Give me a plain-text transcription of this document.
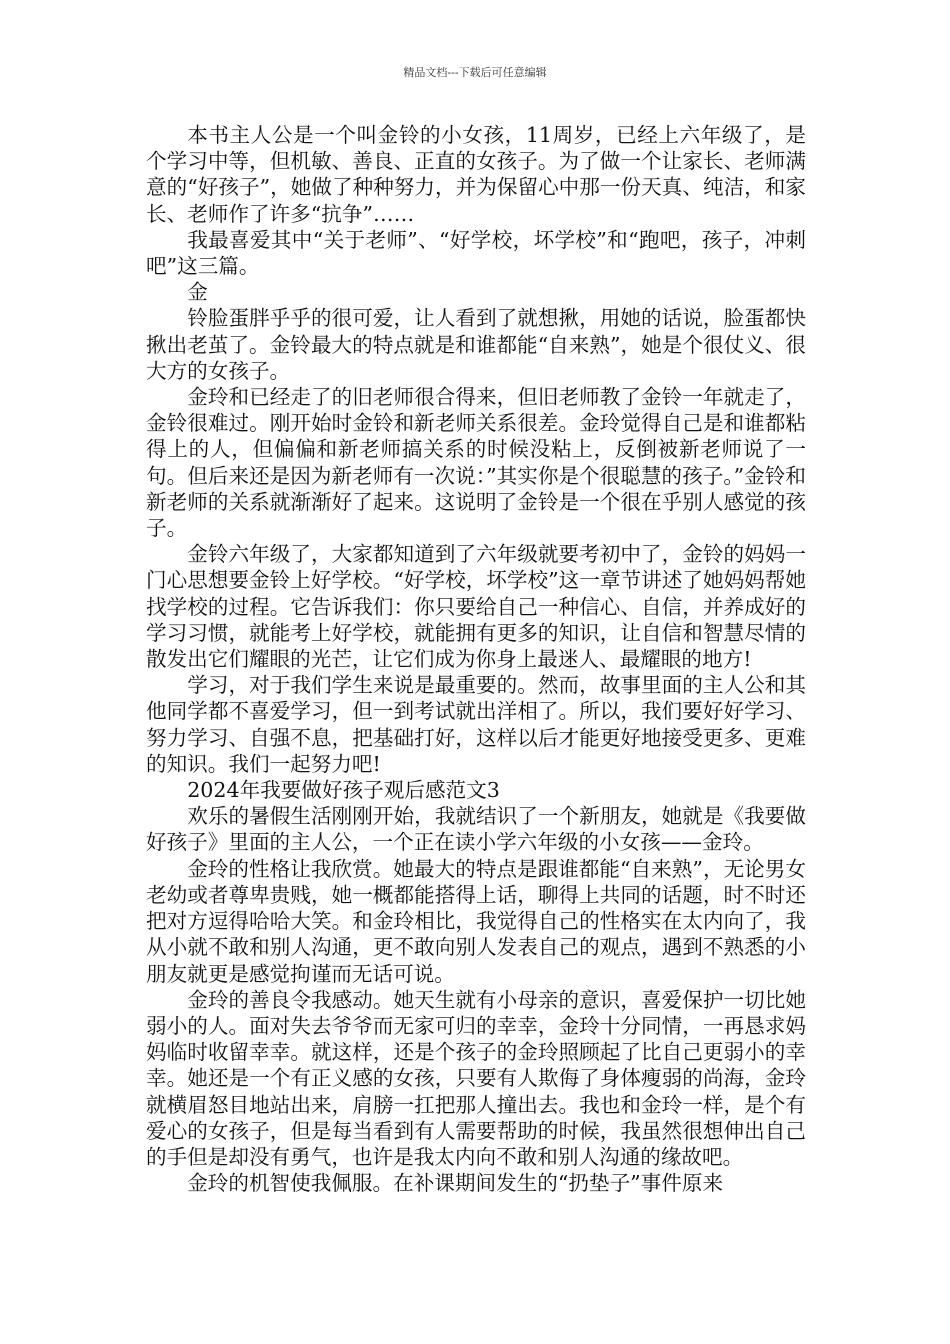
精品文档---下载后可任意编辑

本书主人公是一个叫金铃的小女孩，11周岁，已经上六年级了，是个学习中等，但机敏、善良、正直的女孩子。为了做一个让家长、老师满意的“好孩子”，她做了种种努力，并为保留心中那一份天真、纯洁，和家长、老师作了许多“抗争”……

我最喜爱其中“关于老师”、“好学校，坏学校”和“跑吧，孩子，冲刺吧”这三篇。

金

铃脸蛋胖乎乎的很可爱，让人看到了就想揪，用她的话说，脸蛋都快揪出老茧了。金铃最大的特点就是和谁都能“自来熟”，她是个很仗义、很大方的女孩子。

金玲和已经走了的旧老师很合得来，但旧老师教了金铃一年就走了，金铃很难过。刚开始时金铃和新老师关系很差。金玲觉得自己是和谁都粘得上的人，但偏偏和新老师搞关系的时候没粘上，反倒被新老师说了一句。但后来还是因为新老师有一次说：”其实你是个很聪慧的孩子。”金铃和新老师的关系就渐渐好了起来。这说明了金铃是一个很在乎别人感觉的孩子。

金铃六年级了，大家都知道到了六年级就要考初中了，金铃的妈妈一门心思想要金铃上好学校。“好学校，坏学校”这一章节讲述了她妈妈帮她找学校的过程。它告诉我们：你只要给自己一种信心、自信，并养成好的学习习惯，就能考上好学校，就能拥有更多的知识，让自信和智慧尽情的散发出它们耀眼的光芒，让它们成为你身上最迷人、最耀眼的地方!

学习，对于我们学生来说是最重要的。然而，故事里面的主人公和其他同学都不喜爱学习，但一到考试就出洋相了。所以，我们要好好学习、努力学习、自强不息，把基础打好，这样以后才能更好地接受更多、更难的知识。我们一起努力吧!

2024年我要做好孩子观后感范文3

欢乐的暑假生活刚刚开始，我就结识了一个新朋友，她就是《我要做好孩子》里面的主人公，一个正在读小学六年级的小女孩——金玲。

金玲的性格让我欣赏。她最大的特点是跟谁都能“自来熟”，无论男女老幼或者尊卑贵贱，她一概都能搭得上话，聊得上共同的话题，时不时还把对方逗得哈哈大笑。和金玲相比，我觉得自己的性格实在太内向了，我从小就不敢和别人沟通，更不敢向别人发表自己的观点，遇到不熟悉的小朋友就更是感觉拘谨而无话可说。

金玲的善良令我感动。她天生就有小母亲的意识，喜爱保护一切比她弱小的人。面对失去爷爷而无家可归的幸幸，金玲十分同情，一再恳求妈妈临时收留幸幸。就这样，还是个孩子的金玲照顾起了比自己更弱小的幸幸。她还是一个有正义感的女孩，只要有人欺侮了身体瘦弱的尚海，金玲就横眉怒目地站出来，肩膀一扛把那人撞出去。我也和金玲一样，是个有爱心的女孩子，但是每当看到有人需要帮助的时候，我虽然很想伸出自己的手但是却没有勇气，也许是我太内向不敢和别人沟通的缘故吧。

金玲的机智使我佩服。在补课期间发生的“扔垫子”事件原来
